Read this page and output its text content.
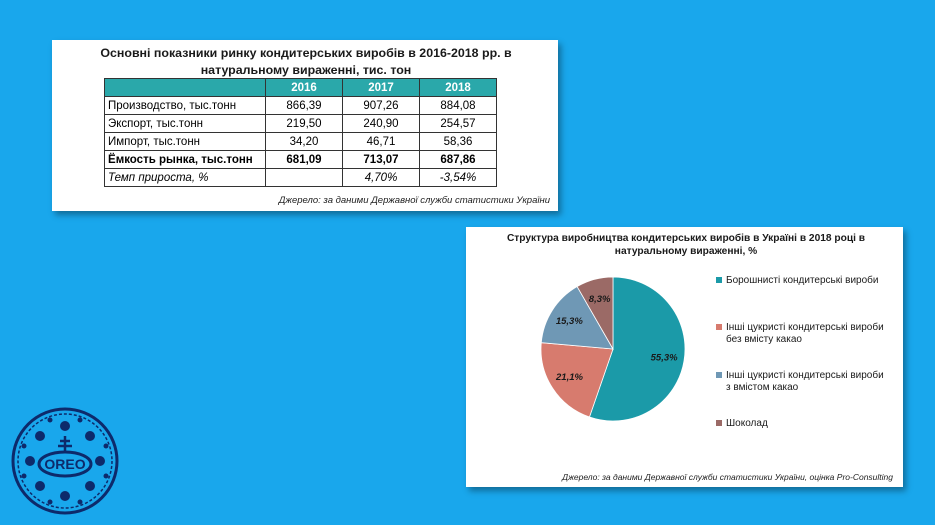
Основні показники ринку кондитерських виробів в 2016-2018 рр. в натуральному вираженні, тис. тон
	2016	2017	2018
Производство, тыс.тонн	866,39	907,26	884,08
Экспорт, тыс.тонн	219,50	240,90	254,57
Импорт, тыс.тонн	34,20	46,71	58,36
Ёмкость рынка, тыс.тонн	681,09	713,07	687,86
Темп прироста, %		4,70%	-3,54%
Джерело: за даними Державної служби статистики України
Структура виробництва кондитерських виробів в Україні в 2018 році в натуральному вираженні, %
55,3%
21,1%
15,3%
8,3%
Борошнисті кондитерські вироби
Інші цукристі кондитерські вироби без вмісту какао
Інші цукристі кондитерські вироби з вмістом какао
Шоколад
Джерело: за даними Державної служби статистики України, оцінка Pro-Consulting
OREO
